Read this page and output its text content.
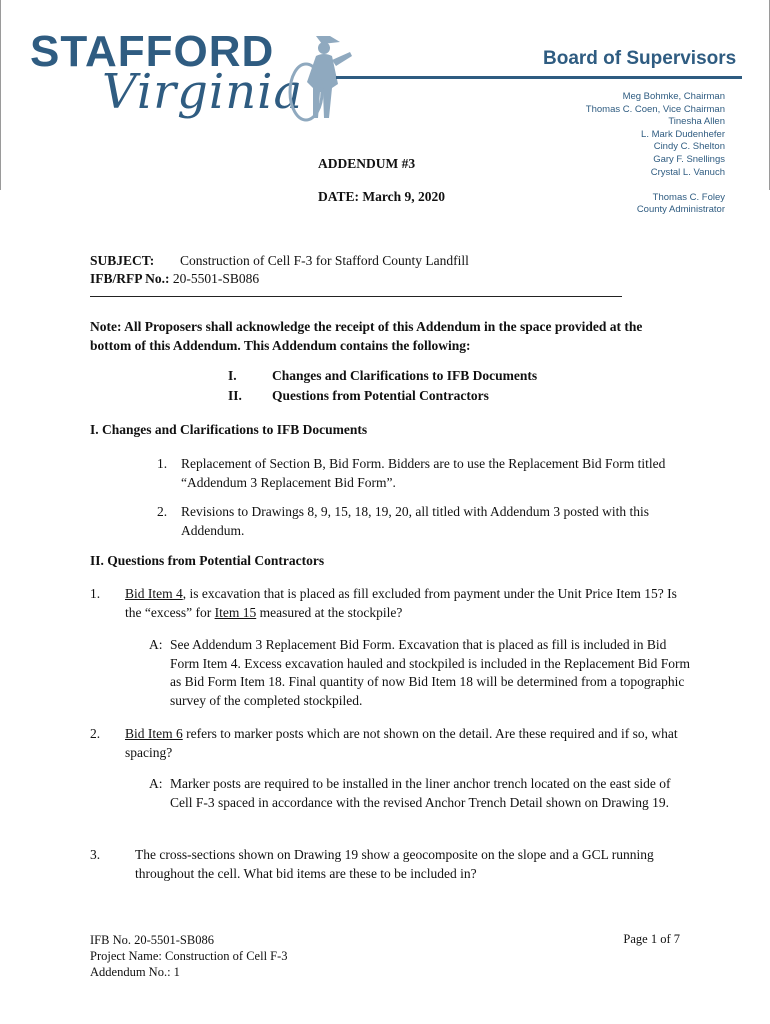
STAFFORD
Virginia
Board of Supervisors
Meg Bohmke, Chairman
Thomas C. Coen, Vice Chairman
Tinesha Allen
L. Mark Dudenhefer
Cindy C. Shelton
Gary F. Snellings
Crystal L. Vanuch
Thomas C. Foley
County Administrator
ADDENDUM #3
DATE: March 9, 2020
SUBJECT: Construction of Cell F-3 for Stafford County Landfill
IFB/RFP No.: 20-5501-SB086
Note: All Proposers shall acknowledge the receipt of this Addendum in the space provided at the bottom of this Addendum. This Addendum contains the following:
I.	Changes and Clarifications to IFB Documents
II.	Questions from Potential Contractors
I. Changes and Clarifications to IFB Documents
1. Replacement of Section B, Bid Form. Bidders are to use the Replacement Bid Form titled “Addendum 3 Replacement Bid Form”.
2. Revisions to Drawings 8, 9, 15, 18, 19, 20, all titled with Addendum 3 posted with this Addendum.
II. Questions from Potential Contractors
1. Bid Item 4, is excavation that is placed as fill excluded from payment under the Unit Price Item 15? Is the “excess” for Item 15 measured at the stockpile?
A: See Addendum 3 Replacement Bid Form. Excavation that is placed as fill is included in Bid Form Item 4. Excess excavation hauled and stockpiled is included in the Replacement Bid Form as Bid Form Item 18. Final quantity of now Bid Item 18 will be determined from a topographic survey of the completed stockpiled.
2. Bid Item 6 refers to marker posts which are not shown on the detail. Are these required and if so, what spacing?
A: Marker posts are required to be installed in the liner anchor trench located on the east side of Cell F-3 spaced in accordance with the revised Anchor Trench Detail shown on Drawing 19.
3.	The cross-sections shown on Drawing 19 show a geocomposite on the slope and a GCL running throughout the cell. What bid items are these to be included in?
IFB No. 20-5501-SB086
Project Name: Construction of Cell F-3
Addendum No.: 1
Page 1 of 7
